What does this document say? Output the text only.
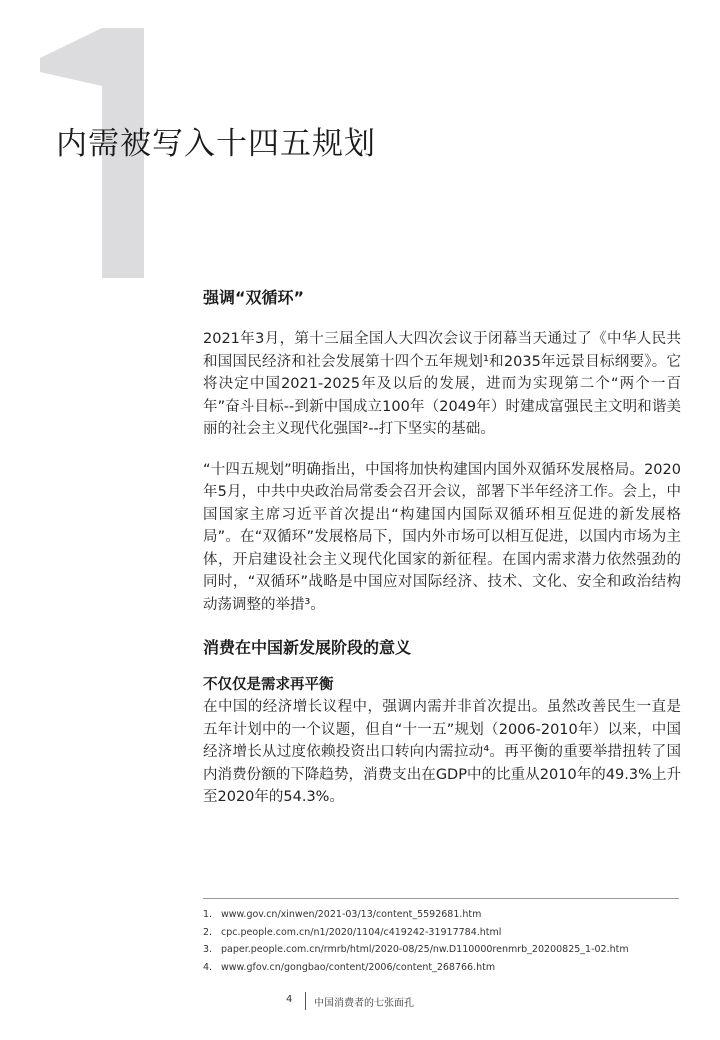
1
内需被写入十四五规划
强调“双循环”

2021年3月，第十三届全国人大四次会议于闭幕当天通过了《中华人民共和国国民经济和社会发展第十四个五年规划¹和2035年远景目标纲要》。它将决定中国2021-2025年及以后的发展，进而为实现第二个“两个一百年”奋斗目标--到新中国成立100年（2049年）时建成富强民主文明和谐美丽的社会主义现代化强国²--打下坚实的基础。

“十四五规划”明确指出，中国将加快构建国内国外双循环发展格局。2020年5月，中共中央政治局常委会召开会议，部署下半年经济工作。会上，中国国家主席习近平首次提出“构建国内国际双循环相互促进的新发展格局”。在“双循环”发展格局下，国内外市场可以相互促进，以国内市场为主体，开启建设社会主义现代化国家的新征程。在国内需求潜力依然强劲的同时，“双循环”战略是中国应对国际经济、技术、文化、安全和政治结构动荡调整的举措³。

消费在中国新发展阶段的意义
不仅仅是需求再平衡

在中国的经济增长议程中，强调内需并非首次提出。虽然改善民生一直是五年计划中的一个议题，但自“十一五”规划（2006-2010年）以来，中国经济增长从过度依赖投资出口转向内需拉动⁴。再平衡的重要举措扭转了国内消费份额的下降趋势，消费支出在GDP中的比重从2010年的49.3%上升至2020年的54.3%。

1. www.gov.cn/xinwen/2021-03/13/content_5592681.htm
2. cpc.people.com.cn/n1/2020/1104/c419242-31917784.html
3. paper.people.com.cn/rmrb/html/2020-08/25/nw.D110000renmrb_20200825_1-02.htm
4. www.gfov.cn/gongbao/content/2006/content_268766.htm
4 中国消费者的七张面孔
